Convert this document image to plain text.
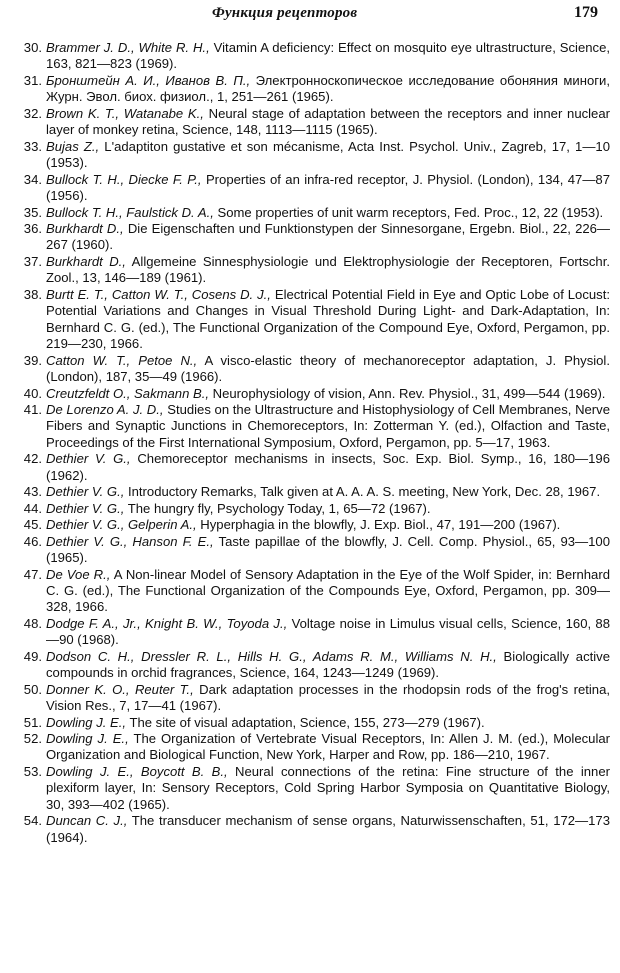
Функция рецепторов	179
30. Brammer J. D., White R. H., Vitamin A deficiency: Effect on mosquito eye ultrastructure, Science, 163, 821—823 (1969).
31. Бронштейн А. И., Иванов В. П., Электронноскопическое исследование обоняния миноги, Журн. Эвол. биох. физиол., 1, 251—261 (1965).
32. Brown K. T., Watanabe K., Neural stage of adaptation between the receptors and inner nuclear layer of monkey retina, Science, 148, 1113—1115 (1965).
33. Bujas Z., L'adaptiton gustative et son mécanisme, Acta Inst. Psychol. Univ., Zagreb, 17, 1—10 (1953).
34. Bullock T. H., Diecke F. P., Properties of an infra-red receptor, J. Physiol. (London), 134, 47—87 (1956).
35. Bullock T. H., Faulstick D. A., Some properties of unit warm receptors, Fed. Proc., 12, 22 (1953).
36. Burkhardt D., Die Eigenschaften und Funktionstypen der Sinnesorgane, Ergebn. Biol., 22, 226—267 (1960).
37. Burkhardt D., Allgemeine Sinnesphysiologie und Elektrophysiologie der Receptoren, Fortschr. Zool., 13, 146—189 (1961).
38. Burtt E. T., Catton W. T., Cosens D. J., Electrical Potential Field in Eye and Optic Lobe of Locust: Potential Variations and Changes in Visual Threshold During Light- and Dark-Adaptation, In: Bernhard C. G. (ed.), The Functional Organization of the Compound Eye, Oxford, Pergamon, pp. 219—230, 1966.
39. Catton W. T., Petoe N., A visco-elastic theory of mechanoreceptor adaptation, J. Physiol. (London), 187, 35—49 (1966).
40. Creutzfeldt O., Sakmann B., Neurophysiology of vision, Ann. Rev. Physiol., 31, 499—544 (1969).
41. De Lorenzo A. J. D., Studies on the Ultrastructure and Histophysiology of Cell Membranes, Nerve Fibers and Synaptic Junctions in Chemoreceptors, In: Zotterman Y. (ed.), Olfaction and Taste, Proceedings of the First International Symposium, Oxford, Pergamon, pp. 5—17, 1963.
42. Dethier V. G., Chemoreceptor mechanisms in insects, Soc. Exp. Biol. Symp., 16, 180—196 (1962).
43. Dethier V. G., Introductory Remarks, Talk given at A. A. A. S. meeting, New York, Dec. 28, 1967.
44. Dethier V. G., The hungry fly, Psychology Today, 1, 65—72 (1967).
45. Dethier V. G., Gelperin A., Hyperphagia in the blowfly, J. Exp. Biol., 47, 191—200 (1967).
46. Dethier V. G., Hanson F. E., Taste papillae of the blowfly, J. Cell. Comp. Physiol., 65, 93—100 (1965).
47. De Voe R., A Non-linear Model of Sensory Adaptation in the Eye of the Wolf Spider, in: Bernhard C. G. (ed.), The Functional Organization of the Compounds Eye, Oxford, Pergamon, pp. 309—328, 1966.
48. Dodge F. A., Jr., Knight B. W., Toyoda J., Voltage noise in Limulus visual cells, Science, 160, 88—90 (1968).
49. Dodson C. H., Dressler R. L., Hills H. G., Adams R. M., Williams N. H., Biologically active compounds in orchid fragrances, Science, 164, 1243—1249 (1969).
50. Donner K. O., Reuter T., Dark adaptation processes in the rhodopsin rods of the frog's retina, Vision Res., 7, 17—41 (1967).
51. Dowling J. E., The site of visual adaptation, Science, 155, 273—279 (1967).
52. Dowling J. E., The Organization of Vertebrate Visual Receptors, In: Allen J. M. (ed.), Molecular Organization and Biological Function, New York, Harper and Row, pp. 186—210, 1967.
53. Dowling J. E., Boycott B. B., Neural connections of the retina: Fine structure of the inner plexiform layer, In: Sensory Receptors, Cold Spring Harbor Symposia on Quantitative Biology, 30, 393—402 (1965).
54. Duncan C. J., The transducer mechanism of sense organs, Naturwissenschaften, 51, 172—173 (1964).
